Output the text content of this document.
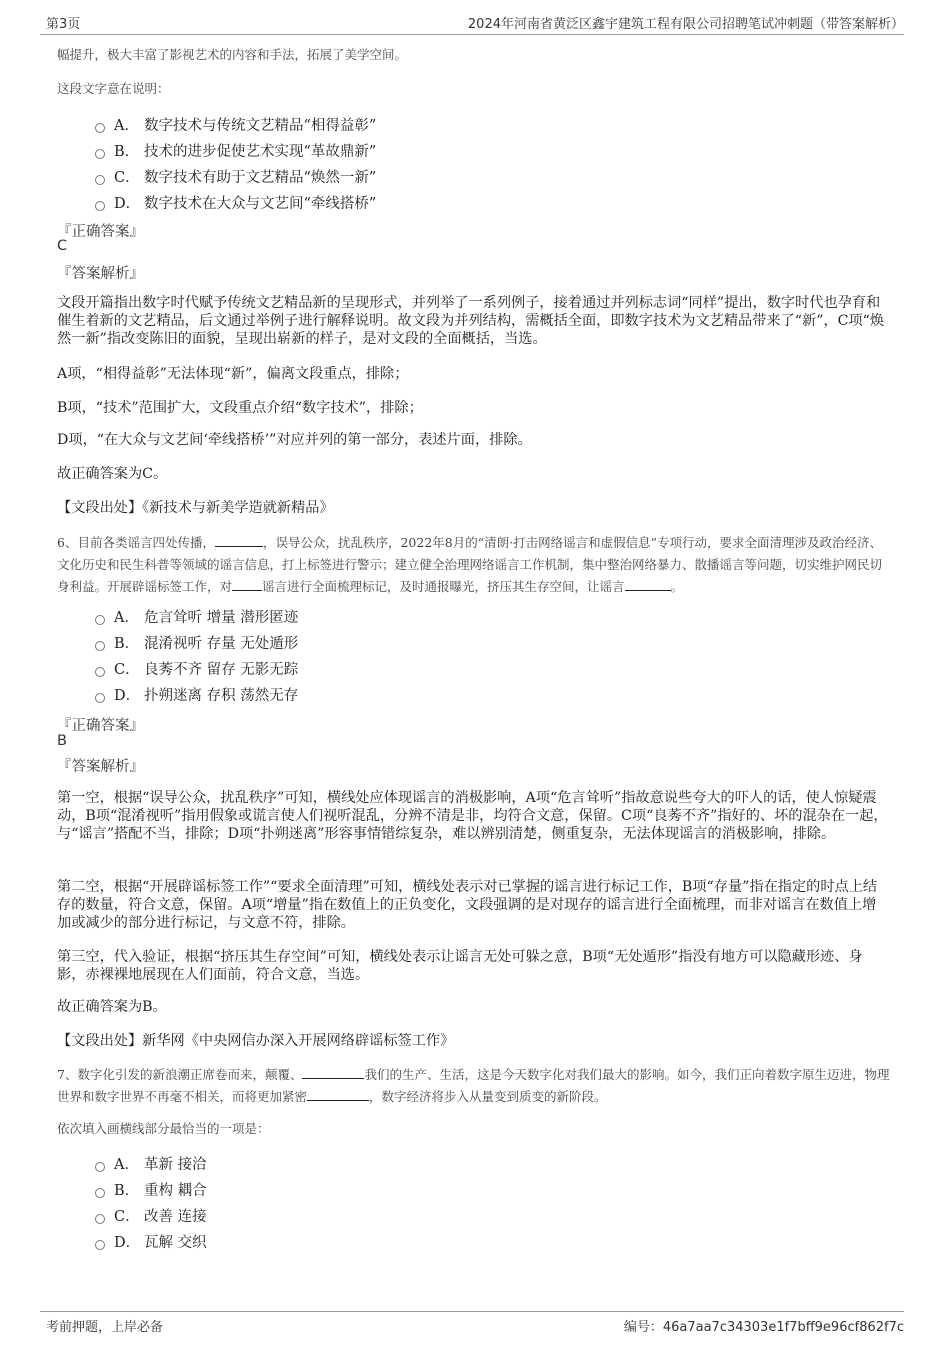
第3页	2024年河南省黄泛区鑫宇建筑工程有限公司招聘笔试冲刺题（带答案解析）

幅提升，极大丰富了影视艺术的内容和手法，拓展了美学空间。

这段文字意在说明：

A． 数字技术与传统文艺精品“相得益彰”
B． 技术的进步促使艺术实现“革故鼎新”
C． 数字技术有助于文艺精品“焕然一新”
D． 数字技术在大众与文艺间“牵线搭桥”

『正确答案』

C

『答案解析』

文段开篇指出数字时代赋予传统文艺精品新的呈现形式，并列举了一系列例子，接着通过并列标志词“同样”提出，数字时代也孕育和催生着新的文艺精品，后文通过举例子进行解释说明。故文段为并列结构，需概括全面，即数字技术为文艺精品带来了“新”，C项“焕然一新”指改变陈旧的面貌，呈现出崭新的样子，是对文段的全面概括，当选。

A项，“相得益彰”无法体现“新”，偏离文段重点，排除；

B项，“技术”范围扩大，文段重点介绍“数字技术”，排除；

D项，“在大众与文艺间‘牵线搭桥’”对应并列的第一部分，表述片面，排除。

故正确答案为C。

【文段出处】《新技术与新美学造就新精品》

6、目前各类谣言四处传播，	，误导公众，扰乱秩序，2022年8月的“清朗·打击网络谣言和虚假信息”专项行动，要求全面清理涉及政治经济、文化历史和民生科普等领域的谣言信息，打上标签进行警示；建立健全治理网络谣言工作机制，集中整治网络暴力、散播谣言等问题，切实维护网民切身利益。开展辟谣标签工作，对 谣言进行全面梳理标记，及时通报曝光，挤压其生存空间，让谣言	。

A． 危言耸听 增量 潜形匿迹
B． 混淆视听 存量 无处遁形
C． 良莠不齐 留存 无影无踪
D． 扑朔迷离 存积 荡然无存

『正确答案』

B

『答案解析』

第一空，根据“误导公众，扰乱秩序”可知，横线处应体现谣言的消极影响，A项“危言耸听”指故意说些夸大的吓人的话，使人惊疑震动，B项“混淆视听”指用假象或谎言使人们视听混乱，分辨不清是非，均符合文意，保留。C项“良莠不齐”指好的、坏的混杂在一起，与“谣言”搭配不当，排除；D项“扑朔迷离”形容事情错综复杂，难以辨别清楚，侧重复杂，无法体现谣言的消极影响，排除。

第二空，根据“开展辟谣标签工作”“要求全面清理”可知，横线处表示对已掌握的谣言进行标记工作，B项“存量”指在指定的时点上结存的数量，符合文意，保留。A项“增量”指在数值上的正负变化，文段强调的是对现存的谣言进行全面梳理，而非对谣言在数值上增加或减少的部分进行标记，与文意不符，排除。

第三空，代入验证，根据“挤压其生存空间”可知，横线处表示让谣言无处可躲之意，B项“无处遁形”指没有地方可以隐藏形迹、身影，赤裸裸地展现在人们面前，符合文意，当选。

故正确答案为B。

【文段出处】新华网《中央网信办深入开展网络辟谣标签工作》

7、数字化引发的新浪潮正席卷而来，颠覆、	我们的生产、生活，这是今天数字化对我们最大的影响。如今，我们正向着数字原生迈进，物理世界和数字世界不再毫不相关，而将更加紧密	，数字经济将步入从量变到质变的新阶段。

依次填入画横线部分最恰当的一项是：

A． 革新 接洽
B． 重构 耦合
C． 改善 连接
D． 瓦解 交织
考前押题，上岸必备	编号：46a7aa7c34303e1f7bff9e96cf862f7c
